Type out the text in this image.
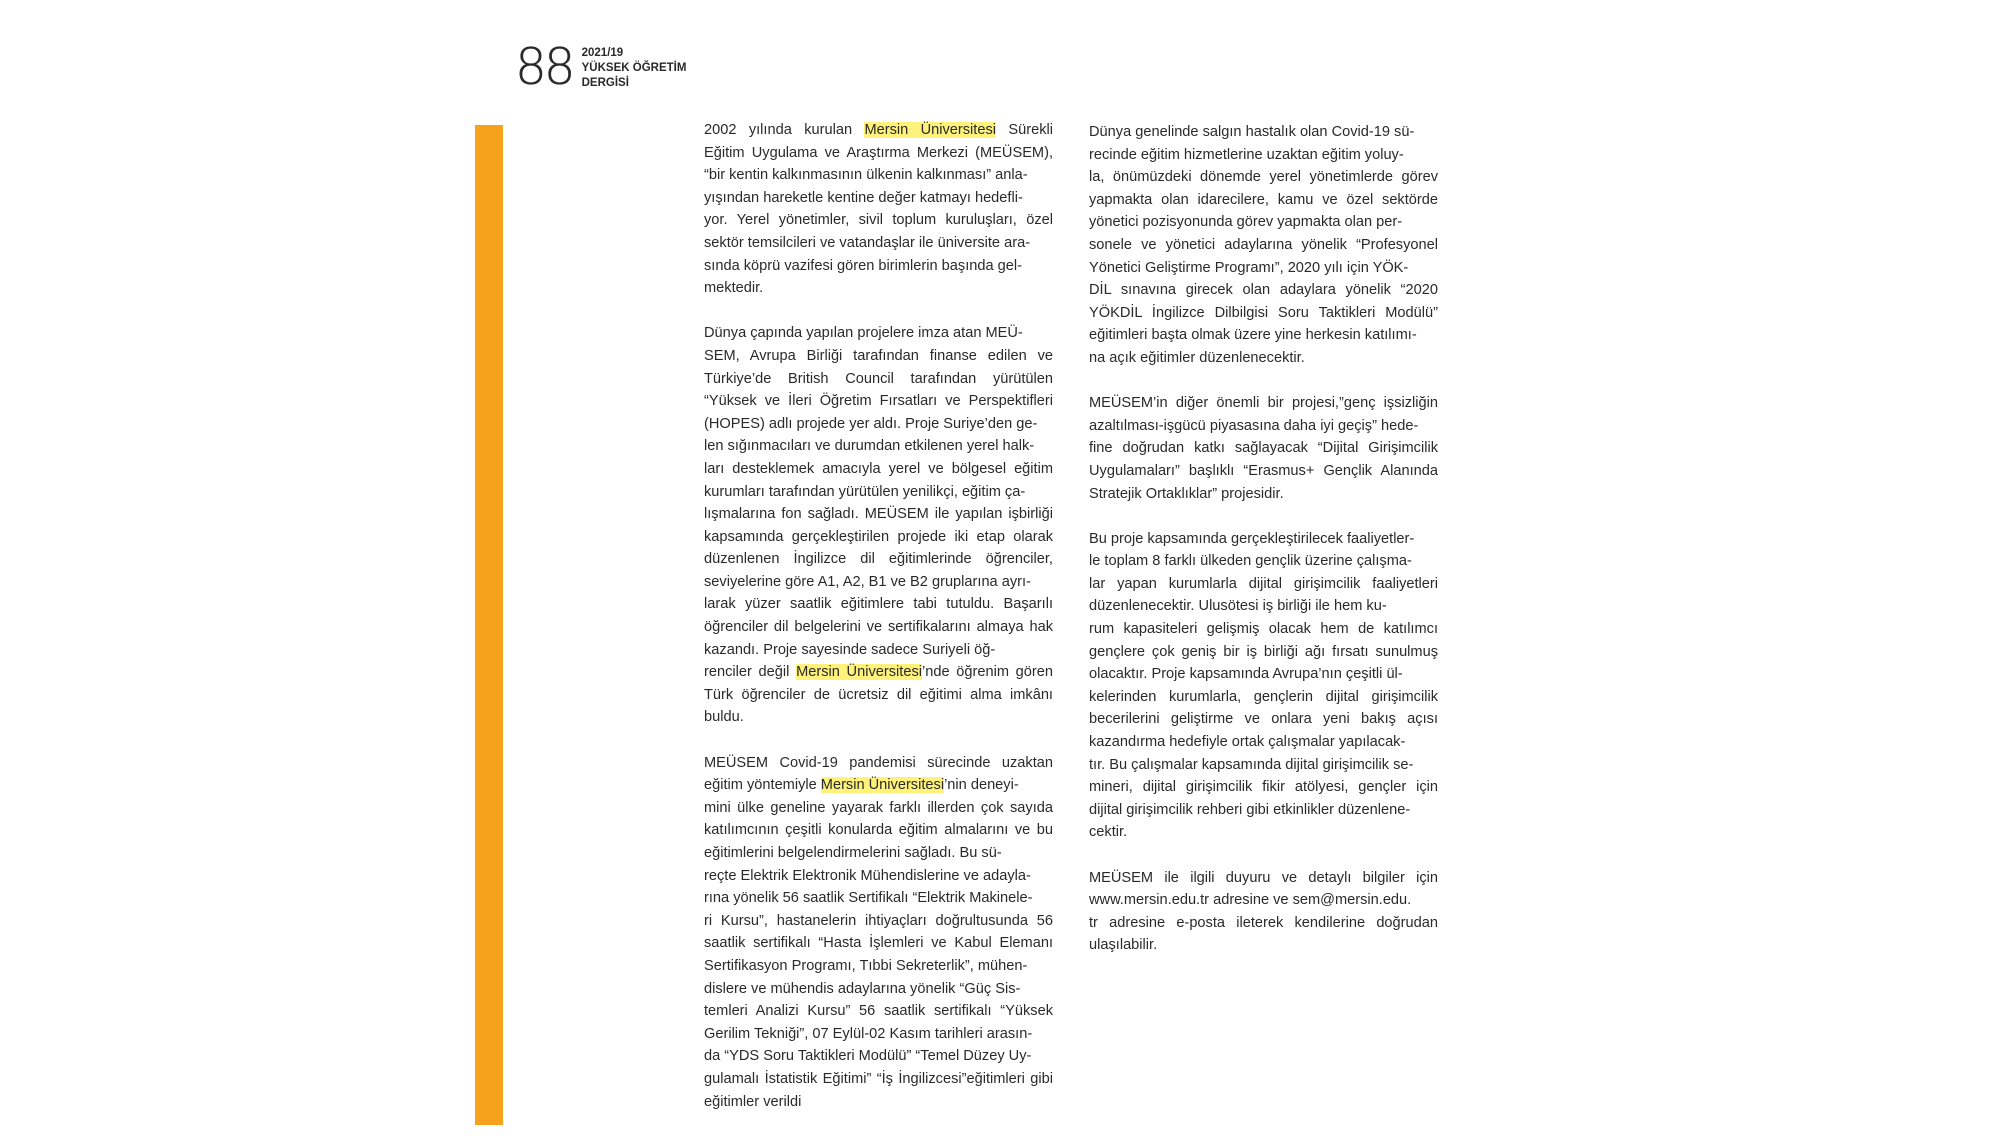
88 2021/19
YÜKSEK ÖĞRETİM
DERGİSİ

2002 yılında kurulan Mersin Üniversitesi Sürekli Eğitim Uygulama ve Araştırma Merkezi (MEÜSEM), “bir kentin kalkınmasının ülkenin kalkınması” anla-
yışından hareketle kentine değer katmayı hedefli-
yor. Yerel yönetimler, sivil toplum kuruluşları, özel sektör temsilcileri ve vatandaşlar ile üniversite ara-
sında köprü vazifesi gören birimlerin başında gel-
mektedir.

Dünya çapında yapılan projelere imza atan MEÜ-
SEM, Avrupa Birliği tarafından finanse edilen ve Türkiye’de British Council tarafından yürütülen “Yüksek ve İleri Öğretim Fırsatları ve Perspektifleri (HOPES) adlı projede yer aldı. Proje Suriye’den ge-
len sığınmacıları ve durumdan etkilenen yerel halk-
ları desteklemek amacıyla yerel ve bölgesel eğitim kurumları tarafından yürütülen yenilikçi, eğitim ça-
lışmalarına fon sağladı. MEÜSEM ile yapılan işbirliği kapsamında gerçekleştirilen projede iki etap olarak düzenlenen İngilizce dil eğitimlerinde öğrenciler, seviyelerine göre A1, A2, B1 ve B2 gruplarına ayrı-
larak yüzer saatlik eğitimlere tabi tutuldu. Başarılı öğrenciler dil belgelerini ve sertifikalarını almaya hak kazandı. Proje sayesinde sadece Suriyeli öğ-
renciler değil Mersin Üniversitesi’nde öğrenim gören Türk öğrenciler de ücretsiz dil eğitimi alma imkânı buldu.

MEÜSEM Covid-19 pandemisi sürecinde uzaktan eğitim yöntemiyle Mersin Üniversitesi’nin deneyi-
mini ülke geneline yayarak farklı illerden çok sayıda katılımcının çeşitli konularda eğitim almalarını ve bu eğitimlerini belgelendirmelerini sağladı. Bu sü-
reçte Elektrik Elektronik Mühendislerine ve adayla-
rına yönelik 56 saatlik Sertifikalı “Elektrik Makinele-
ri Kursu”, hastanelerin ihtiyaçları doğrultusunda 56 saatlik sertifikalı “Hasta İşlemleri ve Kabul Elemanı Sertifikasyon Programı, Tıbbi Sekreterlik”, mühen-
dislere ve mühendis adaylarına yönelik “Güç Sis-
temleri Analizi Kursu” 56 saatlik sertifikalı “Yüksek Gerilim Tekniği”, 07 Eylül-02 Kasım tarihleri arasın-
da “YDS Soru Taktikleri Modülü” “Temel Düzey Uy-
gulamalı İstatistik Eğitimi” “İş İngilizcesi”eğitimleri gibi eğitimler verildi

Dünya genelinde salgın hastalık olan Covid-19 sü-
recinde eğitim hizmetlerine uzaktan eğitim yoluy-
la, önümüzdeki dönemde yerel yönetimlerde görev yapmakta olan idarecilere, kamu ve özel sektörde yönetici pozisyonunda görev yapmakta olan per-
sonele ve yönetici adaylarına yönelik “Profesyonel Yönetici Geliştirme Programı”, 2020 yılı için YÖK-
DİL sınavına girecek olan adaylara yönelik “2020 YÖKDİL İngilizce Dilbilgisi Soru Taktikleri Modülü” eğitimleri başta olmak üzere yine herkesin katılımı-
na açık eğitimler düzenlenecektir.

MEÜSEM’in diğer önemli bir projesi,”genç işsizliğin azaltılması-işgücü piyasasına daha iyi geçiş” hede-
fine doğrudan katkı sağlayacak “Dijital Girişimcilik Uygulamaları” başlıklı “Erasmus+ Gençlik Alanında Stratejik Ortaklıklar” projesidir.

Bu proje kapsamında gerçekleştirilecek faaliyetler-
le toplam 8 farklı ülkeden gençlik üzerine çalışma-
lar yapan kurumlarla dijital girişimcilik faaliyetleri düzenlenecektir. Ulusötesi iş birliği ile hem ku-
rum kapasiteleri gelişmiş olacak hem de katılımcı gençlere çok geniş bir iş birliği ağı fırsatı sunulmuş olacaktır. Proje kapsamında Avrupa’nın çeşitli ül-
kelerinden kurumlarla, gençlerin dijital girişimcilik becerilerini geliştirme ve onlara yeni bakış açısı kazandırma hedefiyle ortak çalışmalar yapılacak-
tır. Bu çalışmalar kapsamında dijital girişimcilik se-
mineri, dijital girişimcilik fikir atölyesi, gençler için dijital girişimcilik rehberi gibi etkinlikler düzenlene-
cektir.

MEÜSEM ile ilgili duyuru ve detaylı bilgiler için www.mersin.edu.tr adresine ve sem@mersin.edu.
tr adresine e-posta ileterek kendilerine doğrudan ulaşılabilir.
